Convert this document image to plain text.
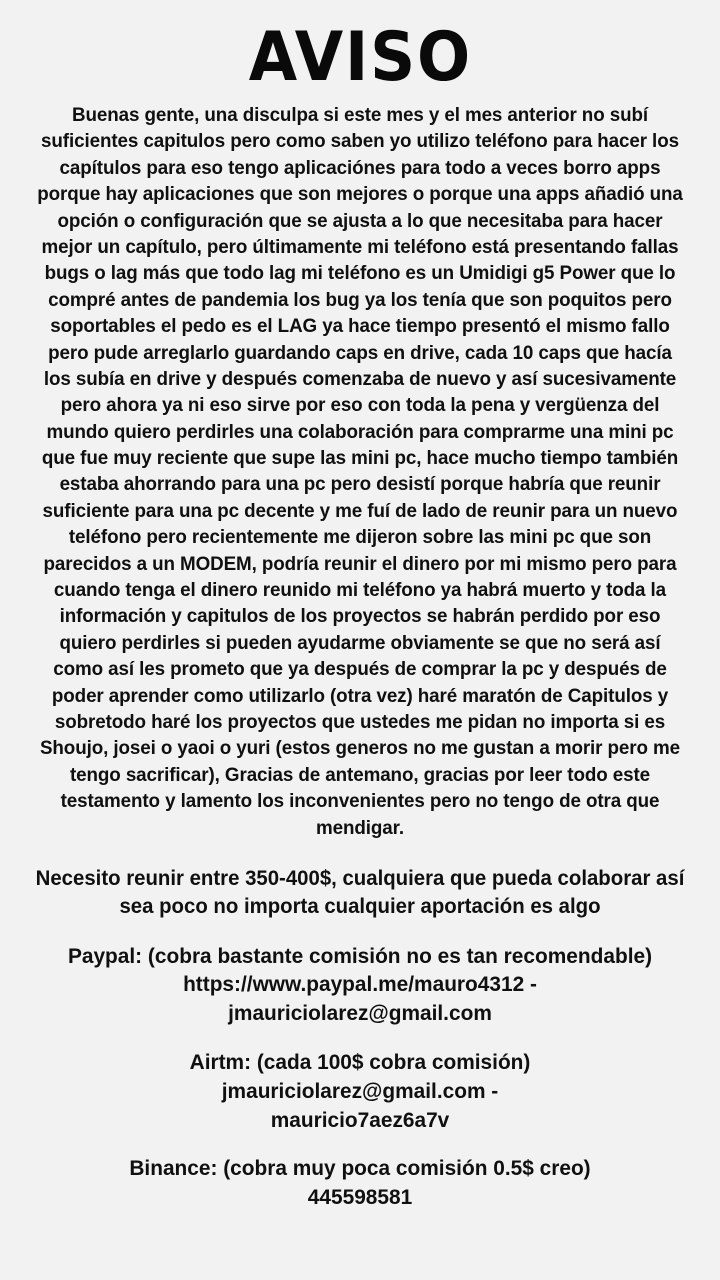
AVISO
Buenas gente, una disculpa si este mes y el mes anterior no subí suficientes capitulos pero como saben yo utilizo teléfono para hacer los capítulos para eso tengo aplicaciónes para todo a veces borro apps porque hay aplicaciones que son mejores o porque una apps añadió una opción o configuración que se ajusta a lo que necesitaba para hacer mejor un capítulo, pero últimamente mi teléfono está presentando fallas bugs o lag más que todo lag mi teléfono es un Umidigi g5 Power que lo compré antes de pandemia los bug ya los tenía que son poquitos pero soportables el pedo es el LAG ya hace tiempo presentó el mismo fallo pero pude arreglarlo guardando caps en drive, cada 10 caps que hacía los subía en drive y después comenzaba de nuevo y así sucesivamente pero ahora ya ni eso sirve por eso con toda la pena y vergüenza del mundo quiero perdirles una colaboración para comprarme una mini pc que fue muy reciente que supe las mini pc, hace mucho tiempo también estaba ahorrando para una pc pero desistí porque habría que reunir suficiente para una pc decente y me fuí de lado de reunir para un nuevo teléfono pero recientemente me dijeron sobre las mini pc que son parecidos a un MODEM, podría reunir el dinero por mi mismo pero para cuando tenga el dinero reunido mi teléfono ya habrá muerto y toda la información y capitulos de los proyectos se habrán perdido por eso quiero perdirles si pueden ayudarme obviamente se que no será así como así les prometo que ya después de comprar la pc y después de poder aprender como utilizarlo (otra vez) haré maratón de Capitulos y sobretodo haré los proyectos que ustedes me pidan no importa si es Shoujo, josei o yaoi o yuri (estos generos no me gustan a morir pero me tengo sacrificar), Gracias de antemano, gracias por leer todo este testamento y lamento los inconvenientes pero no tengo de otra que mendigar.
Necesito reunir entre 350-400$, cualquiera que pueda colaborar así sea poco no importa cualquier aportación es algo
Paypal: (cobra bastante comisión no es tan recomendable)
https://www.paypal.me/mauro4312 -
jmauriciolarez@gmail.com
Airtm: (cada 100$ cobra comisión)
jmauriciolarez@gmail.com -
mauricio7aez6a7v
Binance: (cobra muy poca comisión 0.5$ creo)
445598581
